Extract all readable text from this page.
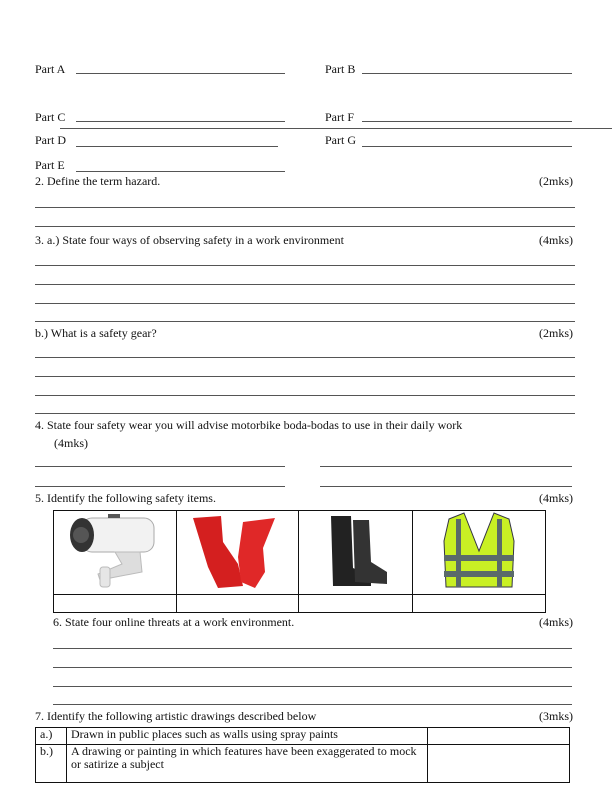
Part A	Part B
Part C	Part F
Part D	Part G
Part E
2. Define the term hazard.	(2mks)
3. a.) State four ways of observing safety in a work environment	(4mks)
b.) What is a safety gear?	(2mks)
4. State four safety wear you will advise motorbike boda-bodas to use in their daily work
(4mks)
5. Identify the following safety items.	(4mks)

6. State four online threats at a work environment.	(4mks)
7. Identify the following artistic drawings described below	(3mks)
a.)	Drawn in public places such as walls using spray paints	
b.)	A drawing or painting in which features have been exaggerated to mock or satirize a subject	
